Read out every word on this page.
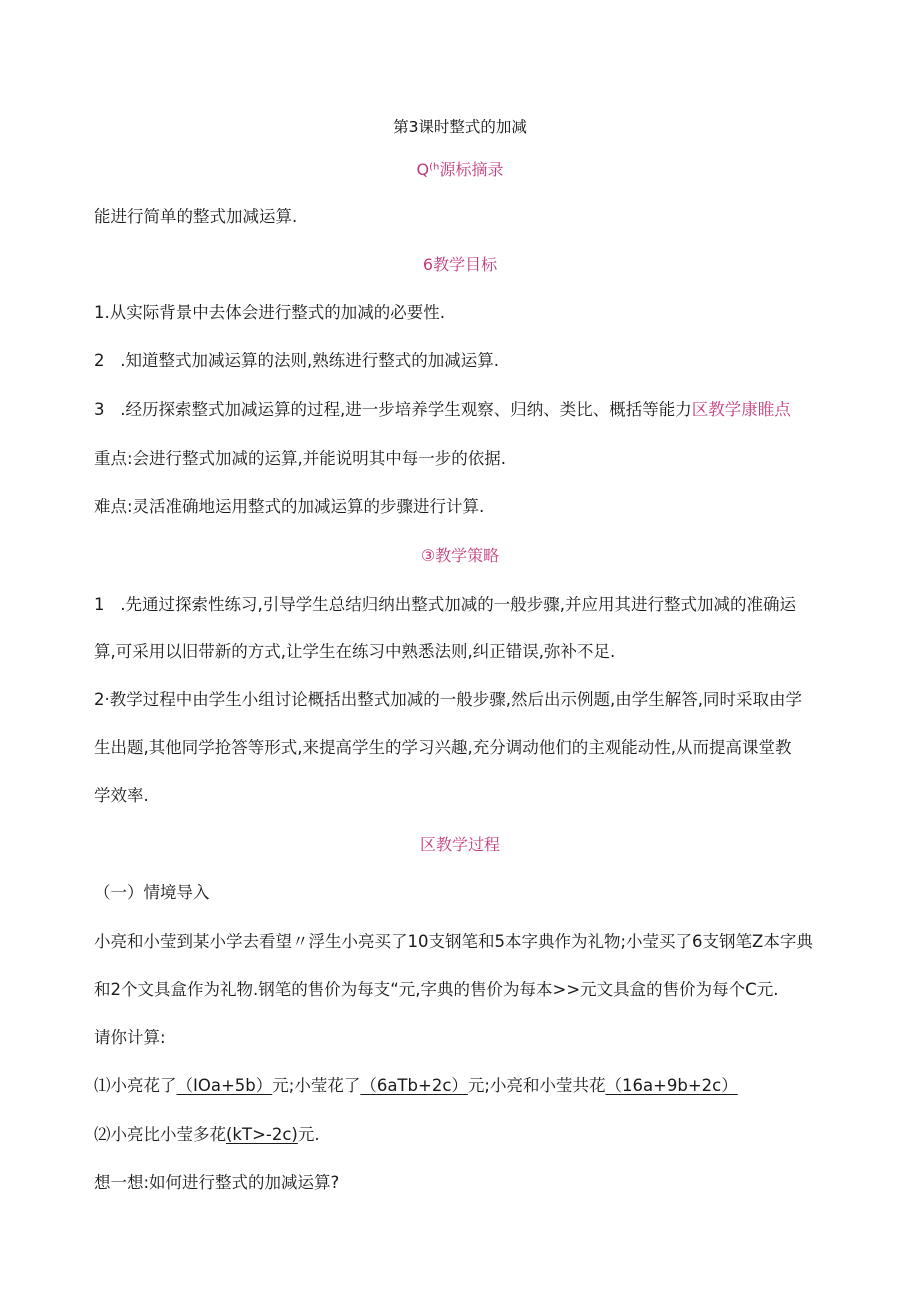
第3课时整式的加减
Q⁽ʰ源标摘录
能进行简单的整式加减运算.
6教学目标
1.从实际背景中去体会进行整式的加减的必要性.
2   .知道整式加减运算的法则,熟练进行整式的加减运算.
3   .经历探索整式加减运算的过程,进一步培养学生观察、归纳、类比、概括等能力区教学康睢点
重点:会进行整式加减的运算,并能说明其中每一步的依据.
难点:灵活准确地运用整式的加减运算的步骤进行计算.
③教学策略
1   .先通过探索性练习,引导学生总结归纳出整式加减的一般步骤,并应用其进行整式加减的准确运
算,可采用以旧带新的方式,让学生在练习中熟悉法则,纠正错误,弥补不足.
2·教学过程中由学生小组讨论概括出整式加减的一般步骤,然后出示例题,由学生解答,同时采取由学
生出题,其他同学抢答等形式,来提高学生的学习兴趣,充分调动他们的主观能动性,从而提高课堂教
学效率.
区教学过程
（一）情境导入
小亮和小莹到某小学去看望〃浮生小亮买了10支钢笔和5本字典作为礼物;小莹买了6支钢笔Z本字典
和2个文具盒作为礼物.钢笔的售价为每支“元,字典的售价为每本>>元文具盒的售价为每个C元.
请你计算:
⑴小亮花了（IOa+5b）元;小莹花了（6aTb+2c）元;小亮和小莹共花（16a+9b+2c）
⑵小亮比小莹多花(kT>-2c)元.
想一想:如何进行整式的加减运算?
